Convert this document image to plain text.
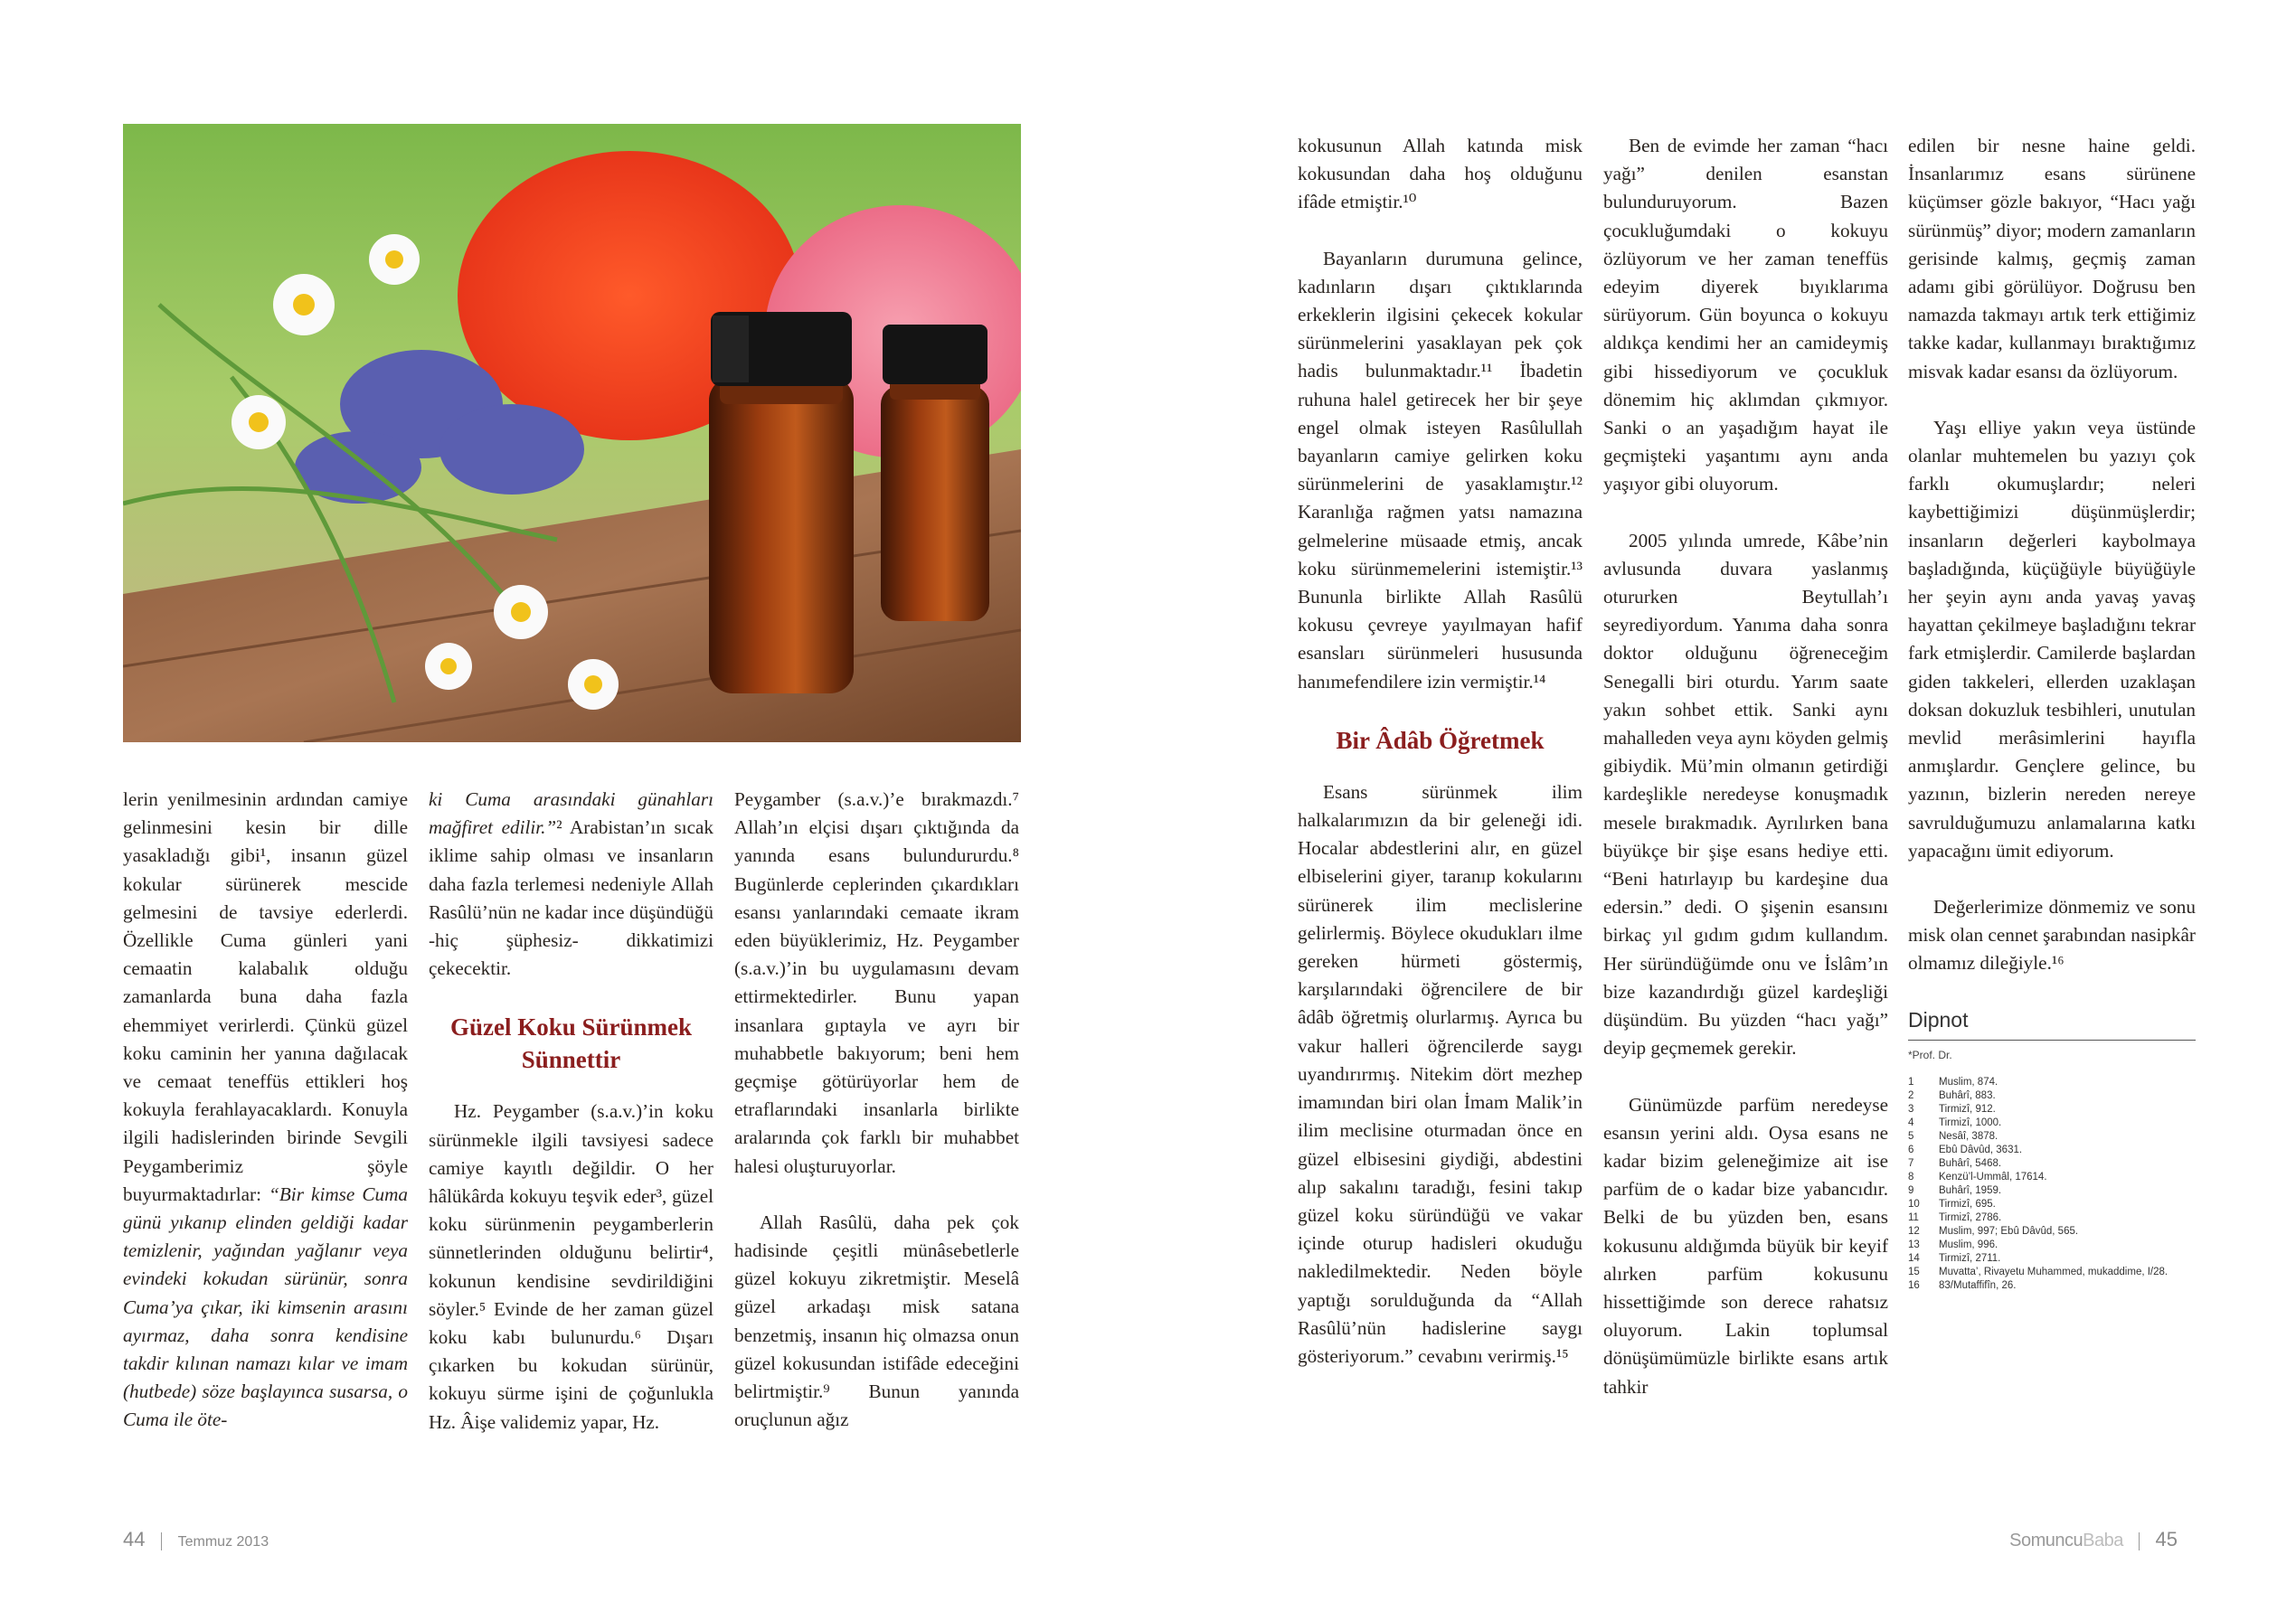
lerin yenilmesinin ardından camiye gelinmesini kesin bir dille yasakladığı gibi¹, insanın güzel kokular sürünerek mescide gelmesini de tavsiye ederlerdi. Özellikle Cuma günleri yani cemaatin kalabalık olduğu zamanlarda buna daha fazla ehemmiyet verirlerdi. Çünkü güzel koku caminin her yanına dağılacak ve cemaat teneffüs ettikleri hoş kokuyla ferahlayacaklardı. Konuyla ilgili hadislerinden birinde Sevgili Peygamberimiz şöyle buyurmaktadırlar: “Bir kimse Cuma günü yıkanıp elinden geldiği kadar temizlenir, yağından yağlanır veya evindeki kokudan sürünür, sonra Cuma’ya çıkar, iki kimsenin arasını ayırmaz, daha sonra kendisine takdir kılınan namazı kılar ve imam (hutbede) söze başlayınca susarsa, o Cuma ile öte-

ki Cuma arasındaki günahları mağfiret edilir.”² Arabistan’ın sıcak iklime sahip olması ve insanların daha fazla terlemesi nedeniyle Allah Rasûlü’nün ne kadar ince düşündüğü -hiç şüphesiz- dikkatimizi çekecektir.

Güzel Koku Sürünmek Sünnettir

Hz. Peygamber (s.a.v.)’in koku sürünmekle ilgili tavsiyesi sadece camiye kayıtlı değildir. O her hâlükârda kokuyu teşvik eder³, güzel koku sürünmenin peygamberlerin sünnetlerinden olduğunu belirtir⁴, kokunun kendisine sevdirildiğini söyler.⁵ Evinde de her zaman güzel koku kabı bulunurdu.⁶ Dışarı çıkarken bu kokudan sürünür, kokuyu sürme işini de çoğunlukla Hz. Âişe validemiz yapar, Hz.

Peygamber (s.a.v.)’e bırakmazdı.⁷ Allah’ın elçisi dışarı çıktığında da yanında esans bulundururdu.⁸ Bugünlerde ceplerinden çıkardıkları esansı yanlarındaki cemaate ikram eden büyüklerimiz, Hz. Peygamber (s.a.v.)’in bu uygulamasını devam ettirmektedirler. Bunu yapan insanlara gıptayla ve ayrı bir muhabbetle bakıyorum; beni hem geçmişe götürüyorlar hem de etraflarındaki insanlarla birlikte aralarında çok farklı bir muhabbet halesi oluşturuyorlar.

Allah Rasûlü, daha pek çok hadisinde çeşitli münâsebetlerle güzel kokuyu zikretmiştir. Meselâ güzel arkadaşı misk satana benzetmiş, insanın hiç olmazsa onun güzel kokusundan istifâde edeceğini belirtmiştir.⁹ Bunun yanında oruçlunun ağız

kokusunun Allah katında misk kokusundan daha hoş olduğunu ifâde etmiştir.¹⁰

Bayanların durumuna gelince, kadınların dışarı çıktıklarında erkeklerin ilgisini çekecek kokular sürünmelerini yasaklayan pek çok hadis bulunmaktadır.¹¹ İbadetin ruhuna halel getirecek her bir şeye engel olmak isteyen Rasûlullah bayanların camiye gelirken koku sürünmelerini de yasaklamıştır.¹² Karanlığa rağmen yatsı namazına gelmelerine müsaade etmiş, ancak koku sürünmemelerini istemiştir.¹³ Bununla birlikte Allah Rasûlü kokusu çevreye yayılmayan hafif esansları sürünmeleri hususunda hanımefendilere izin vermiştir.¹⁴

Bir Âdâb Öğretmek

Esans sürünmek ilim halkalarımızın da bir geleneği idi. Hocalar abdestlerini alır, en güzel elbiselerini giyer, taranıp kokularını sürünerek ilim meclislerine gelirlermiş. Böylece okudukları ilme gereken hürmeti göstermiş, karşılarındaki öğrencilere de bir âdâb öğretmiş olurlarmış. Ayrıca bu vakur halleri öğrencilerde saygı uyandırırmış. Nitekim dört mezhep imamından biri olan İmam Malik’in ilim meclisine oturmadan önce en güzel elbisesini giydiği, abdestini alıp sakalını taradığı, fesini takıp güzel koku süründüğü ve vakar içinde oturup hadisleri okuduğu nakledilmektedir. Neden böyle yaptığı sorulduğunda da “Allah Rasûlü’nün hadislerine saygı gösteriyorum.” cevabını verirmiş.¹⁵

Ben de evimde her zaman “hacı yağı” denilen esanstan bulunduruyorum. Bazen çocukluğumdaki o kokuyu özlüyorum ve her zaman teneffüs edeyim diyerek bıyıklarıma sürüyorum. Gün boyunca o kokuyu aldıkça kendimi her an camideymiş gibi hissediyorum ve çocukluk dönemim hiç aklımdan çıkmıyor. Sanki o an yaşadığım hayat ile geçmişteki yaşantımı aynı anda yaşıyor gibi oluyorum.

2005 yılında umrede, Kâbe’nin avlusunda duvara yaslanmış otururken Beytullah’ı seyrediyordum. Yanıma daha sonra doktor olduğunu öğreneceğim Senegalli biri oturdu. Yarım saate yakın sohbet ettik. Sanki aynı mahalleden veya aynı köyden gelmiş gibiydik. Mü’min olmanın getirdiği kardeşlikle neredeyse konuşmadık mesele bırakmadık. Ayrılırken bana büyükçe bir şişe esans hediye etti. “Beni hatırlayıp bu kardeşine dua edersin.” dedi. O şişenin esansını birkaç yıl gıdım gıdım kullandım. Her süründüğümde onu ve İslâm’ın bize kazandırdığı güzel kardeşliği düşündüm. Bu yüzden “hacı yağı” deyip geçmemek gerekir.

Günümüzde parfüm neredeyse esansın yerini aldı. Oysa esans ne kadar bizim geleneğimize ait ise parfüm de o kadar bize yabancıdır. Belki de bu yüzden ben, esans kokusunu aldığımda büyük bir keyif alırken parfüm kokusunu hissettiğimde son derece rahatsız oluyorum. Lakin toplumsal dönüşümümüzle birlikte esans artık tahkir

edilen bir nesne haine geldi. İnsanlarımız esans sürünene küçümser gözle bakıyor, “Hacı yağı sürünmüş” diyor; modern zamanların gerisinde kalmış, geçmiş zaman adamı gibi görülüyor. Doğrusu ben namazda takmayı artık terk ettiğimiz takke kadar, kullanmayı bıraktığımız misvak kadar esansı da özlüyorum.

Yaşı elliye yakın veya üstünde olanlar muhtemelen bu yazıyı çok farklı okumuşlardır; neleri kaybettiğimizi düşünmüşlerdir; insanların değerleri kaybolmaya başladığında, küçüğüyle büyüğüyle her şeyin aynı anda yavaş yavaş hayattan çekilmeye başladığını tekrar fark etmişlerdir. Camilerde başlardan giden takkeleri, ellerden uzaklaşan doksan dokuzluk tesbihleri, unutulan mevlid merâsimlerini hayıfla anmışlardır. Gençlere gelince, bu yazının, bizlerin nereden nereye savrulduğumuzu anlamalarına katkı yapacağını ümit ediyorum.

Değerlerimize dönmemiz ve sonu misk olan cennet şarabından nasipkâr olmamız dileğiyle.¹⁶

Dipnot
*Prof. Dr.
1	Muslim, 874.
2	Buhârî, 883.
3	Tirmizî, 912.
4	Tirmizî, 1000.
5	Nesâî, 3878.
6	Ebû Dâvûd, 3631.
7	Buhârî, 5468.
8	Kenzü’l-Ummâl, 17614.
9	Buhârî, 1959.
10	Tirmizî, 695.
11	Tirmizî, 2786.
12	Muslim, 997; Ebû Dâvûd, 565.
13	Muslim, 996.
14	Tirmizî, 2711.
15	Muvatta’, Rivayetu Muhammed, mukaddime, I/28.
16	83/Mutaffifîn, 26.
44 Temmuz 2013	SomuncuBaba 45
